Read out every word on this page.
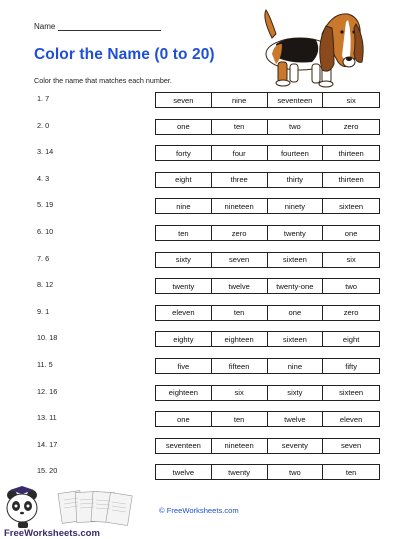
Name
Color the Name (0 to 20)
Color the name that matches each number.
1. 7	seven	nine	seventeen	six
2. 0	one	ten	two	zero
3. 14	forty	four	fourteen	thirteen
4. 3	eight	three	thirty	thirteen
5. 19	nine	nineteen	ninety	sixteen
6. 10	ten	zero	twenty	one
7. 6	sixty	seven	sixteen	six
8. 12	twenty	twelve	twenty-one	two
9. 1	eleven	ten	one	zero
10. 18	eighty	eighteen	sixteen	eight
11. 5	five	fifteen	nine	fifty
12. 16	eighteen	six	sixty	sixteen
13. 11	one	ten	twelve	eleven
14. 17	seventeen	nineteen	seventy	seven
15. 20	twelve	twenty	two	ten
FreeWorksheets.com
© FreeWorksheets.com
